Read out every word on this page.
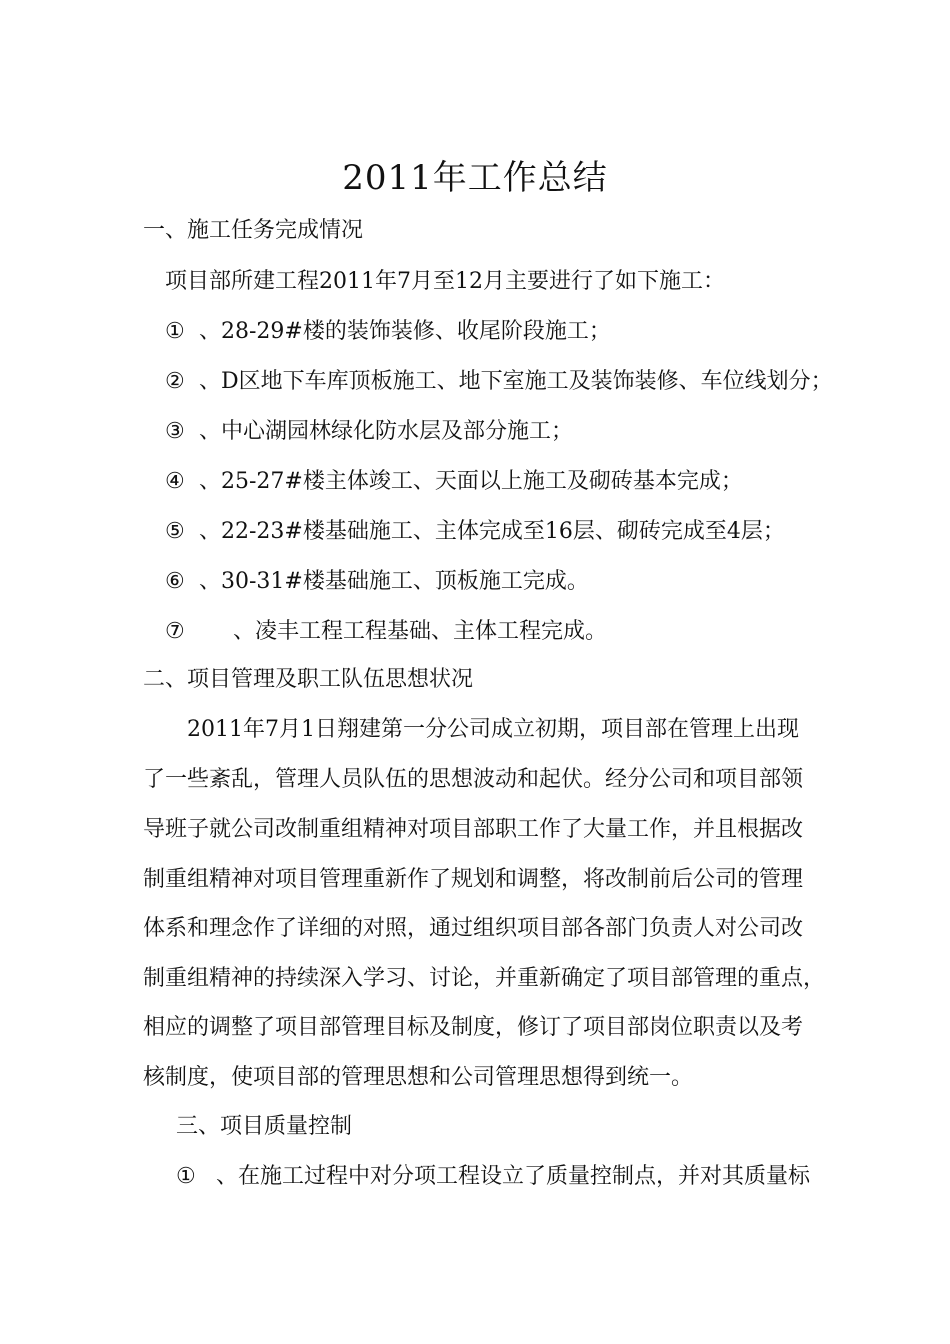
2011年工作总结
一、施工任务完成情况
项目部所建工程2011年7月至12月主要进行了如下施工：
① 、28-29#楼的装饰装修、收尾阶段施工；
② 、D区地下车库顶板施工、地下室施工及装饰装修、车位线划分；
③ 、中心湖园林绿化防水层及部分施工；
④ 、25-27#楼主体竣工、天面以上施工及砌砖基本完成；
⑤ 、22-23#楼基础施工、主体完成至16层、砌砖完成至4层；
⑥ 、30-31#楼基础施工、顶板施工完成。
⑦ 、凌丰工程工程基础、主体工程完成。
二、项目管理及职工队伍思想状况
2011年7月1日翔建第一分公司成立初期，项目部在管理上出现
了一些紊乱，管理人员队伍的思想波动和起伏。经分公司和项目部领
导班子就公司改制重组精神对项目部职工作了大量工作，并且根据改
制重组精神对项目管理重新作了规划和调整，将改制前后公司的管理
体系和理念作了详细的对照，通过组织项目部各部门负责人对公司改
制重组精神的持续深入学习、讨论，并重新确定了项目部管理的重点，
相应的调整了项目部管理目标及制度，修订了项目部岗位职责以及考
核制度，使项目部的管理思想和公司管理思想得到统一。
三、项目质量控制
① 、在施工过程中对分项工程设立了质量控制点，并对其质量标
